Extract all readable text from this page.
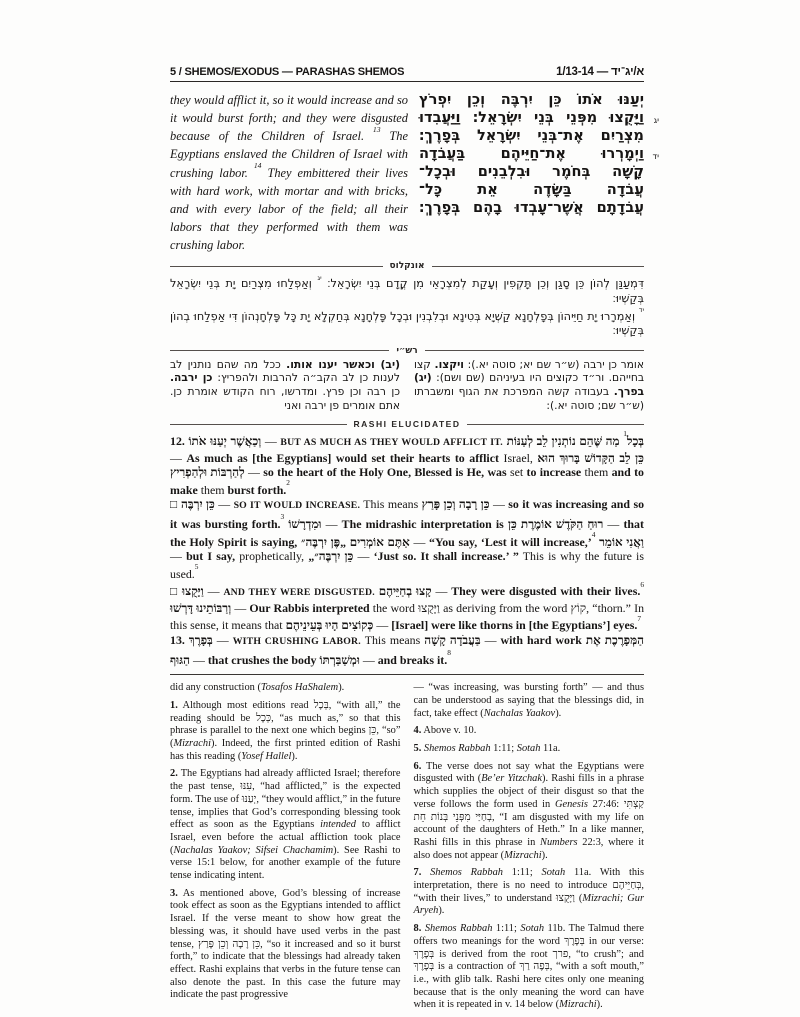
5 / SHEMOS/EXODUS — PARASHAS SHEMOS	1/13-14 — א/יג־יד
they would afflict it, so it would increase and so it would burst forth; and they were disgusted because of the Children of Israel. $^{13}$ The Egyptians enslaved the Children of Israel with crushing labor. $^{14}$ They embittered their lives with hard work, with mortar and with bricks, and with every labor of the field; all their labors that they performed with them was crushing labor.
יְעַנּוּ אֹתוֹ כֵּן יִרְבֶּה וְכֵן יִפְרֹץ
יג
וַיָּקֻצוּ מִפְּנֵי בְּנֵי יִשְׂרָאֵל׃ וַיַּעֲבִדוּ
מִצְרַיִם אֶת־בְּנֵי יִשְׂרָאֵל בְּפָרֶךְ׃
יד
וַיְמָרְרוּ אֶת־חַיֵּיהֶם בַּעֲבֹדָה
קָשָׁה בְּחֹמֶר וּבִלְבֵנִים וּבְכָל־
עֲבֹדָה בַּשָּׂדֶה אֵת כָּל־
עֲבֹדָתָם אֲשֶׁר־עָבְדוּ בָהֶם בְּפָרֶךְ׃
אונקלוס
דִּמְעַנַּן לְהוֹן כֵּן סָגַן וְכֵן תָּקְפִין וְעָקַת לְמִצְרָאֵי מִן קֳדָם בְּנֵי יִשְׂרָאֵל׃ $^{יג}$ וְאַפְלַחוּ מִצְרַיִם יָת בְּנֵי יִשְׂרָאֵל בְּקַשְׁיוּ׃
$^{יד}$ וְאַמְרָרוּ יָת חַיֵּיהוֹן בְּפָלְחָנָא קַשְׁיָא בְּטִינָא וּבְלִבְנִין וּבְכָל פָּלְחָנָא בְּחַקְלָא יָת כָּל פָּלְחָנְהוֹן דִּי אַפְלַחוּ בְהוֹן בְּקַשְׁיוּ׃
רש״י
(יב) וכאשר יענו אותו. ככל מה שהם נותנין לב לענות כן לב הקב״ה להרבות ולהפריץ: כן ירבה. כן רבה וכן פרץ. ומדרשו, רוח הקודש אומרת כן. אתם אומרים פן ירבה ואני
אומר כן ירבה (ש״ר שם יא; סוטה יא.): ויקצו. קצו בחייהם. ור״ד כקוצים היו בעיניהם (שם ושם): (יג) בפרך. בעבודה קשה המפרכת את הגוף ומשברתו (ש״ר שם; סוטה יא.):
RASHI ELUCIDATED

12. וְכַאֲשֶׁר יְעַנּוּ אֹתוֹ — BUT AS MUCH AS THEY WOULD AFFLICT IT.	בְּכָל$^1$ מַה שֶּׁהֵם נוֹתְנִין לֵב לְעַנּוֹת — As much as [the Egyptians] would set their hearts to afflict Israel, כֵּן לֵב הַקָּדוֹשׁ בָּרוּךְ הוּא לְהַרְבּוֹת וּלְהַפְרִיץ — so the heart of the Holy One, Blessed is He, was set to increase them and to make them burst forth.$^2$

□ כֵּן יִרְבֶּה — SO IT WOULD INCREASE. This means כֵּן רָבָה וְכֵן פָּרַץ — so it was increasing and so it was bursting forth.$^3$ וּמִדְרָשׁוֹ — The midrashic interpretation is רוּחַ הַקֹּדֶשׁ אוֹמֶרֶת כֵּן — that the Holy Spirit is saying, אַתֶּם אוֹמְרִים „פֶּן יִרְבֶּה״ — “You say, ‘Lest it will increase,’$^4$ וַאֲנִי אוֹמֵר — but I say, prophetically, „כֵּן יִרְבֶּה״ — ‘Just so. It shall increase.’ ” This is why the future is used.$^5$

□ וַיָּקֻצוּ — AND THEY WERE DISGUSTED. קָצוּ בְחַיֵּיהֶם — They were disgusted with their lives.$^6$ וְרַבּוֹתֵינוּ דָּרְשׁוּ — Our Rabbis interpreted the word וַיָּקֻצוּ as deriving from the word קוֹץ, “thorn.” In this sense, it means that כְּקוֹצִים הָיוּ בְּעֵינֵיהֶם — [Israel] were like thorns in [the Egyptians’] eyes.$^7$

13. בְּפָרֶךְ — WITH CRUSHING LABOR. This means בַּעֲבֹדָה קָשָׁה — with hard work הַמְּפָרֶכֶת אֶת הַגּוּף — that crushes the body וּמְשַׁבַּרְתּוֹ — and breaks it.$^8$

did any construction (Tosafos HaShalem).

1. Although most editions read בְּכָל, “with all,” the reading should be כְּכָל, “as much as,” so that this phrase is parallel to the next one which begins כֵּן, “so” (Mizrachi). Indeed, the first printed edition of Rashi has this reading (Yosef Hallel).

2. The Egyptians had already afflicted Israel; therefore the past tense, עִנּוּ, “had afflicted,” is the expected form. The use of יְעַנּוּ, “they would afflict,” in the future tense, implies that God’s corresponding blessing took effect as soon as the Egyptians intended to afflict Israel, even before the actual affliction took place (Nachalas Yaakov; Sifsei Chachamim). See Rashi to verse 15:1 below, for another example of the future tense indicating intent.

3. As mentioned above, God’s blessing of increase took effect as soon as the Egyptians intended to afflict Israel. If the verse meant to show how great the blessing was, it should have used verbs in the past tense, כֵּן רָבָה וְכֵן פָּרַץ, “so it increased and so it burst forth,” to indicate that the blessings had already taken effect. Rashi explains that verbs in the future tense can also denote the past. In this case the future may indicate the past progressive

— “was increasing, was bursting forth” — and thus can be understood as saying that the blessings did, in fact, take effect (Nachalas Yaakov).

4. Above v. 10.

5. Shemos Rabbah 1:11; Sotah 11a.

6. The verse does not say what the Egyptians were disgusted with (Be’er Yitzchak). Rashi fills in a phrase which supplies the object of their disgust so that the verse follows the form used in Genesis 27:46: קַצְתִּי בְחַיַּי מִפְּנֵי בְּנוֹת חֵת, “I am disgusted with my life on account of the daughters of Heth.” In a like manner, Rashi fills in this phrase in Numbers 22:3, where it also does not appear (Mizrachi).

7. Shemos Rabbah 1:11; Sotah 11a. With this interpretation, there is no need to introduce בְּחַיֵּיהֶם, “with their lives,” to understand וַיָּקֻצוּ (Mizrachi; Gur Aryeh).

8. Shemos Rabbah 1:11; Sotah 11b. The Talmud there offers two meanings for the word בְּפָרֶךְ in our verse: בְּפָרֶךְ is derived from the root פרך, “to crush”; and בְּפָרֶךְ is a contraction of בְּפֶה רַךְ, “with a soft mouth,” i.e., with glib talk. Rashi here cites only one meaning because that is the only meaning the word can have when it is repeated in v. 14 below (Mizrachi).
